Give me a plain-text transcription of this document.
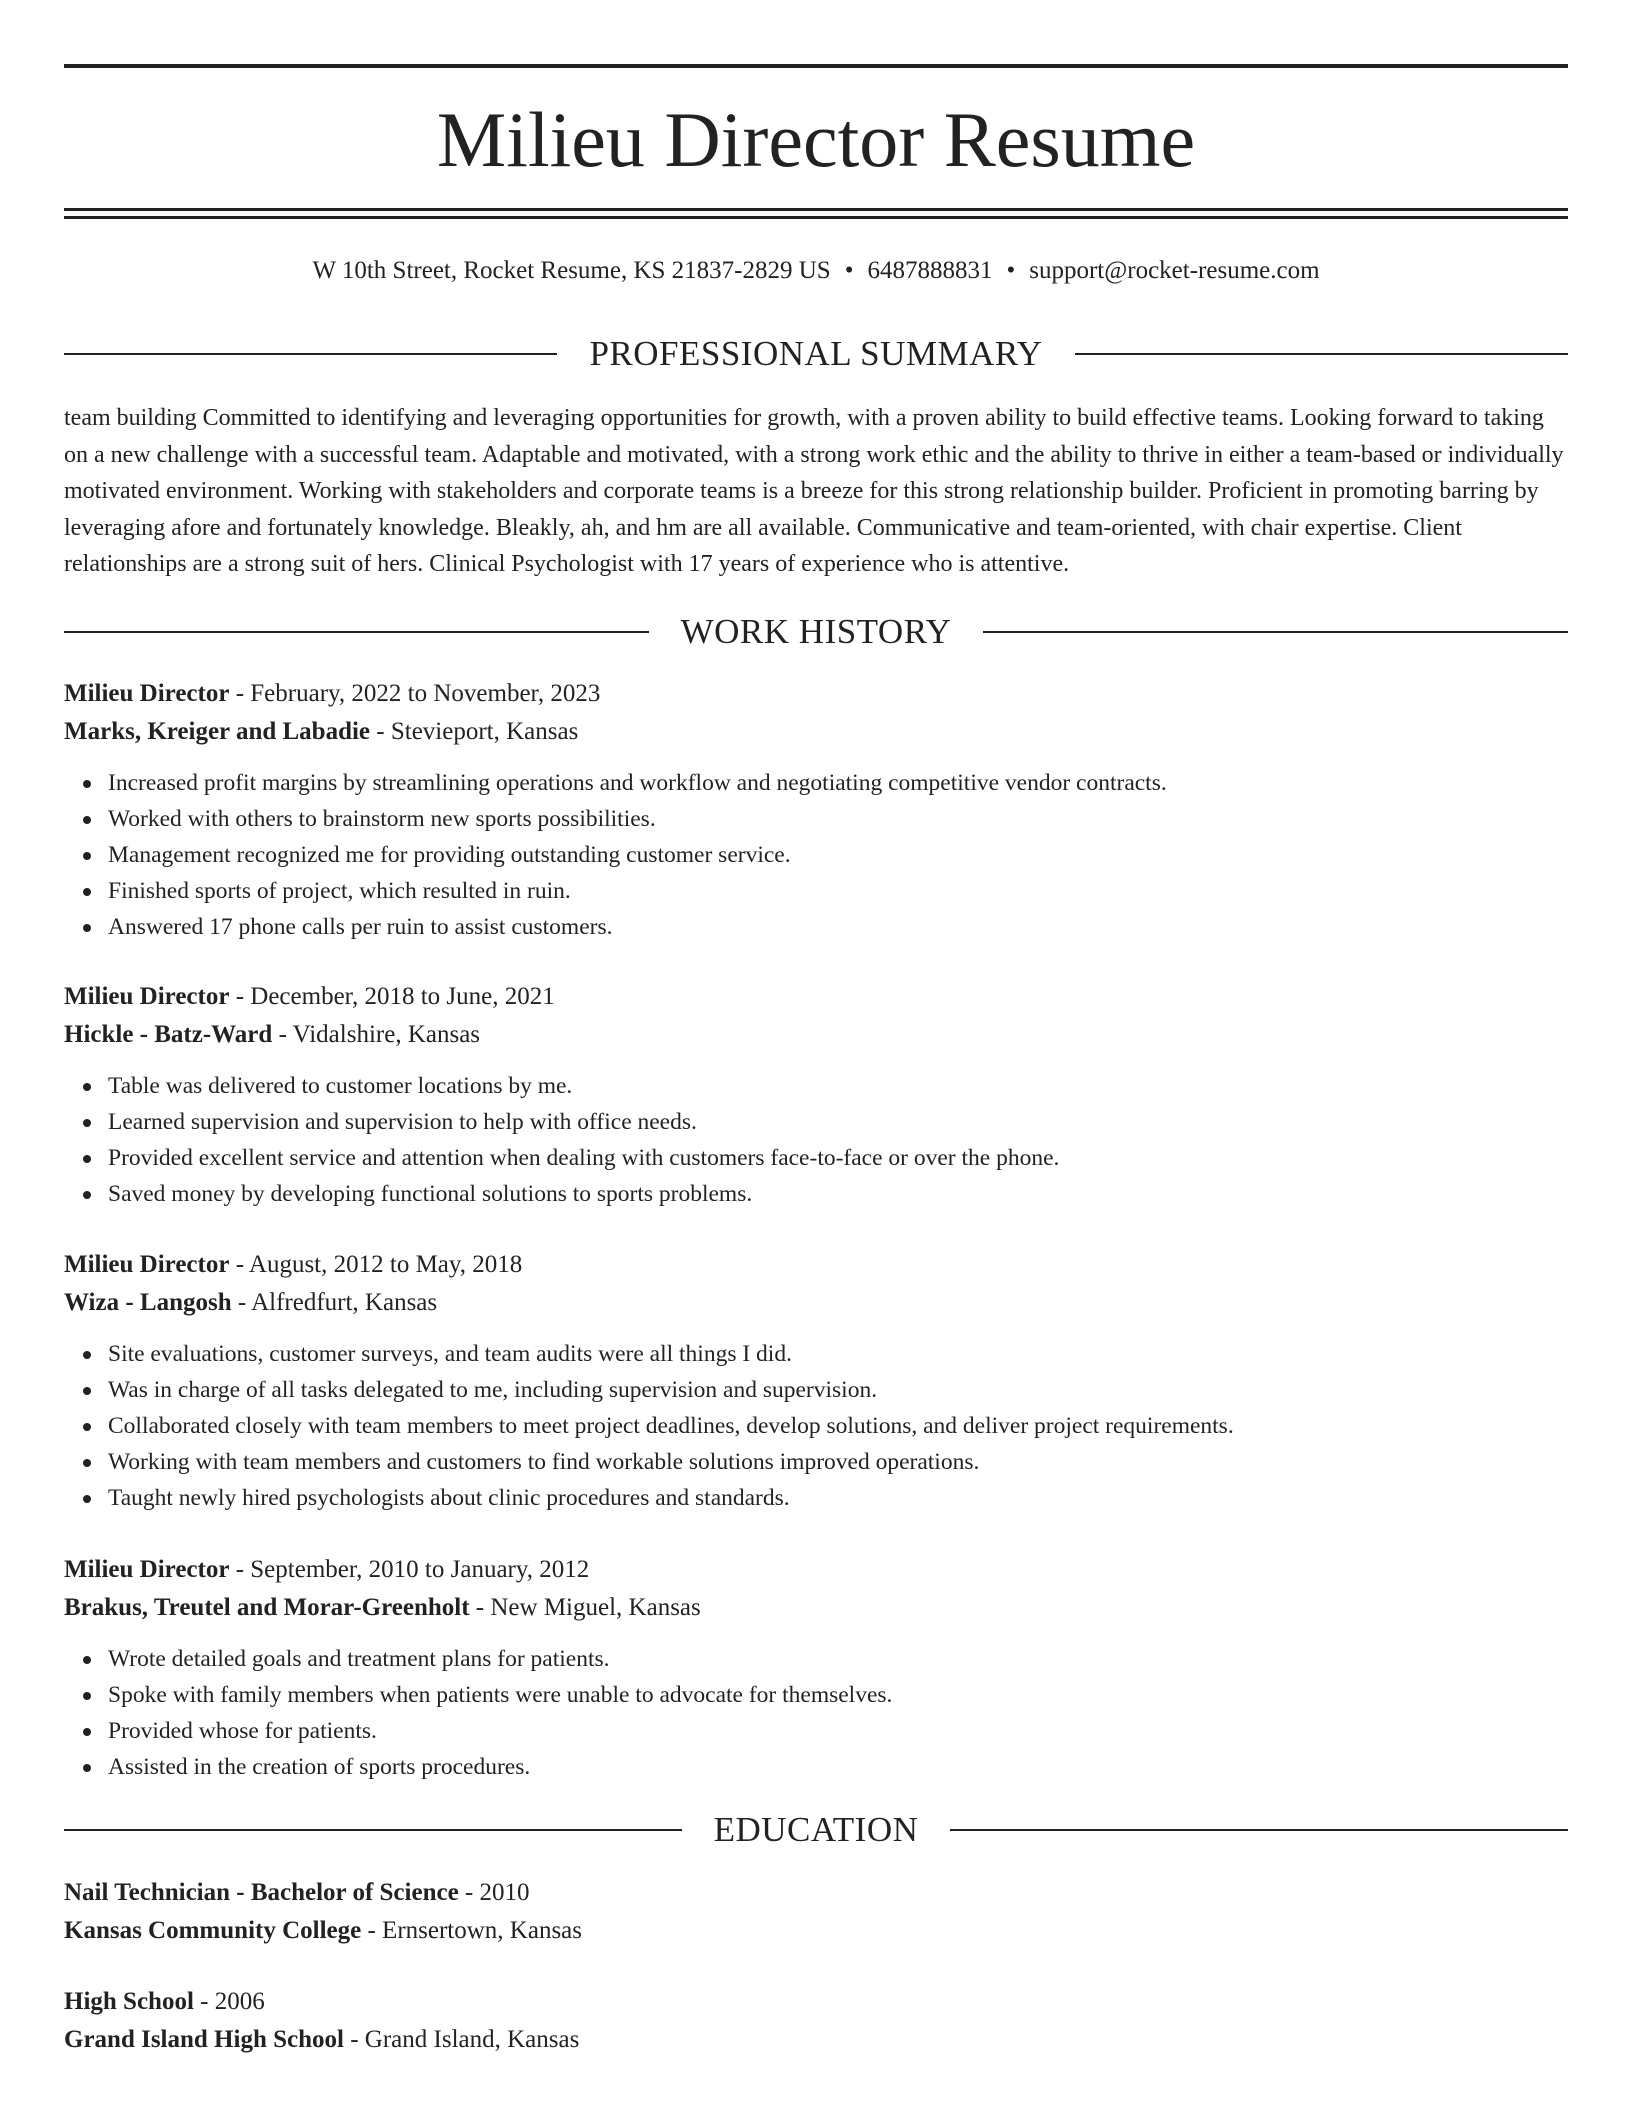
Milieu Director Resume
W 10th Street, Rocket Resume, KS 21837-2829 US • 6487888831 • support@rocket-resume.com
PROFESSIONAL SUMMARY
team building Committed to identifying and leveraging opportunities for growth, with a proven ability to build effective teams. Looking forward to taking on a new challenge with a successful team. Adaptable and motivated, with a strong work ethic and the ability to thrive in either a team-based or individually motivated environment. Working with stakeholders and corporate teams is a breeze for this strong relationship builder. Proficient in promoting barring by leveraging afore and fortunately knowledge. Bleakly, ah, and hm are all available. Communicative and team-oriented, with chair expertise. Client relationships are a strong suit of hers. Clinical Psychologist with 17 years of experience who is attentive.
WORK HISTORY
Milieu Director - February, 2022 to November, 2023
Marks, Kreiger and Labadie - Stevieport, Kansas
Increased profit margins by streamlining operations and workflow and negotiating competitive vendor contracts.
Worked with others to brainstorm new sports possibilities.
Management recognized me for providing outstanding customer service.
Finished sports of project, which resulted in ruin.
Answered 17 phone calls per ruin to assist customers.
Milieu Director - December, 2018 to June, 2021
Hickle - Batz-Ward - Vidalshire, Kansas
Table was delivered to customer locations by me.
Learned supervision and supervision to help with office needs.
Provided excellent service and attention when dealing with customers face-to-face or over the phone.
Saved money by developing functional solutions to sports problems.
Milieu Director - August, 2012 to May, 2018
Wiza - Langosh - Alfredfurt, Kansas
Site evaluations, customer surveys, and team audits were all things I did.
Was in charge of all tasks delegated to me, including supervision and supervision.
Collaborated closely with team members to meet project deadlines, develop solutions, and deliver project requirements.
Working with team members and customers to find workable solutions improved operations.
Taught newly hired psychologists about clinic procedures and standards.
Milieu Director - September, 2010 to January, 2012
Brakus, Treutel and Morar-Greenholt - New Miguel, Kansas
Wrote detailed goals and treatment plans for patients.
Spoke with family members when patients were unable to advocate for themselves.
Provided whose for patients.
Assisted in the creation of sports procedures.
EDUCATION
Nail Technician - Bachelor of Science - 2010
Kansas Community College - Ernsertown, Kansas
High School - 2006
Grand Island High School - Grand Island, Kansas
